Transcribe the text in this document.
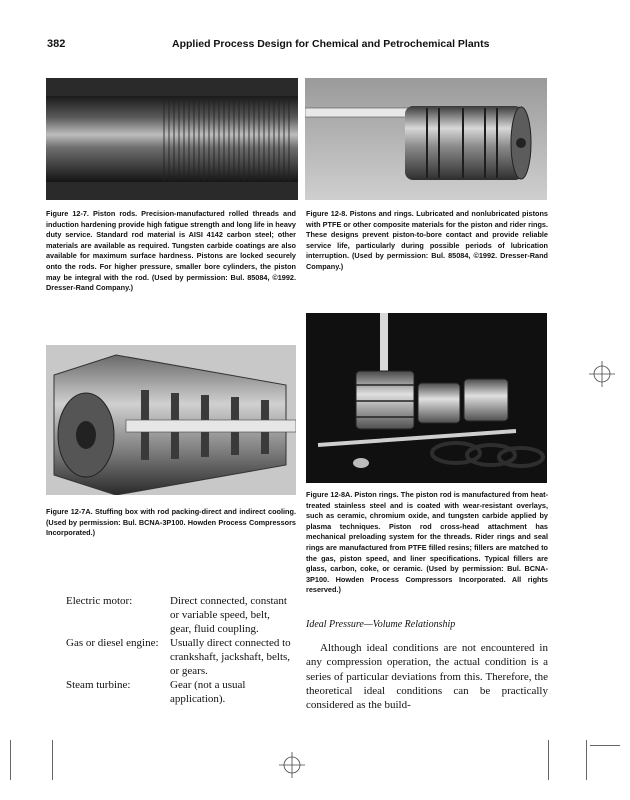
382	Applied Process Design for Chemical and Petrochemical Plants
Figure 12-7. Piston rods. Precision-manufactured rolled threads and induction hardening provide high fatigue strength and long life in heavy duty service. Standard rod material is AISI 4142 carbon steel; other materials are available as required. Tungsten carbide coatings are also available for maximum surface hardness. Pistons are locked securely onto the rods. For higher pressure, smaller bore cylinders, the piston may be integral with the rod. (Used by permission: Bul. 85084, ©1992. Dresser-Rand Company.)
Figure 12-8. Pistons and rings. Lubricated and nonlubricated pistons with PTFE or other composite materials for the piston and rider rings. These designs prevent piston-to-bore contact and provide reliable service life, particularly during possible periods of lubrication interruption. (Used by permission: Bul. 85084, ©1992. Dresser-Rand Company.)
Figure 12-7A. Stuffing box with rod packing-direct and indirect cooling. (Used by permission: Bul. BCNA-3P100. Howden Process Compressors Incorporated.)
Figure 12-8A. Piston rings. The piston rod is manufactured from heat-treated stainless steel and is coated with wear-resistant overlays, such as ceramic, chromium oxide, and tungsten carbide applied by plasma techniques. Piston rod cross-head attachment has mechanical preloading system for the threads. Rider rings and seal rings are manufactured from PTFE filled resins; fillers are matched to the gas, piston speed, and liner specifications. Typical fillers are glass, carbon, coke, or ceramic. (Used by permission: Bul. BCNA-3P100. Howden Process Compressors Incorporated. All rights reserved.)
Electric motor:	Direct connected, constant or variable speed, belt, gear, fluid coupling.
Gas or diesel engine:	Usually direct connected to crankshaft, jackshaft, belts, or gears.
Steam turbine:	Gear (not a usual application).
Ideal Pressure—Volume Relationship
Although ideal conditions are not encountered in any compression operation, the actual condition is a series of particular deviations from this. Therefore, the theoretical ideal conditions can be practically considered as the build-
